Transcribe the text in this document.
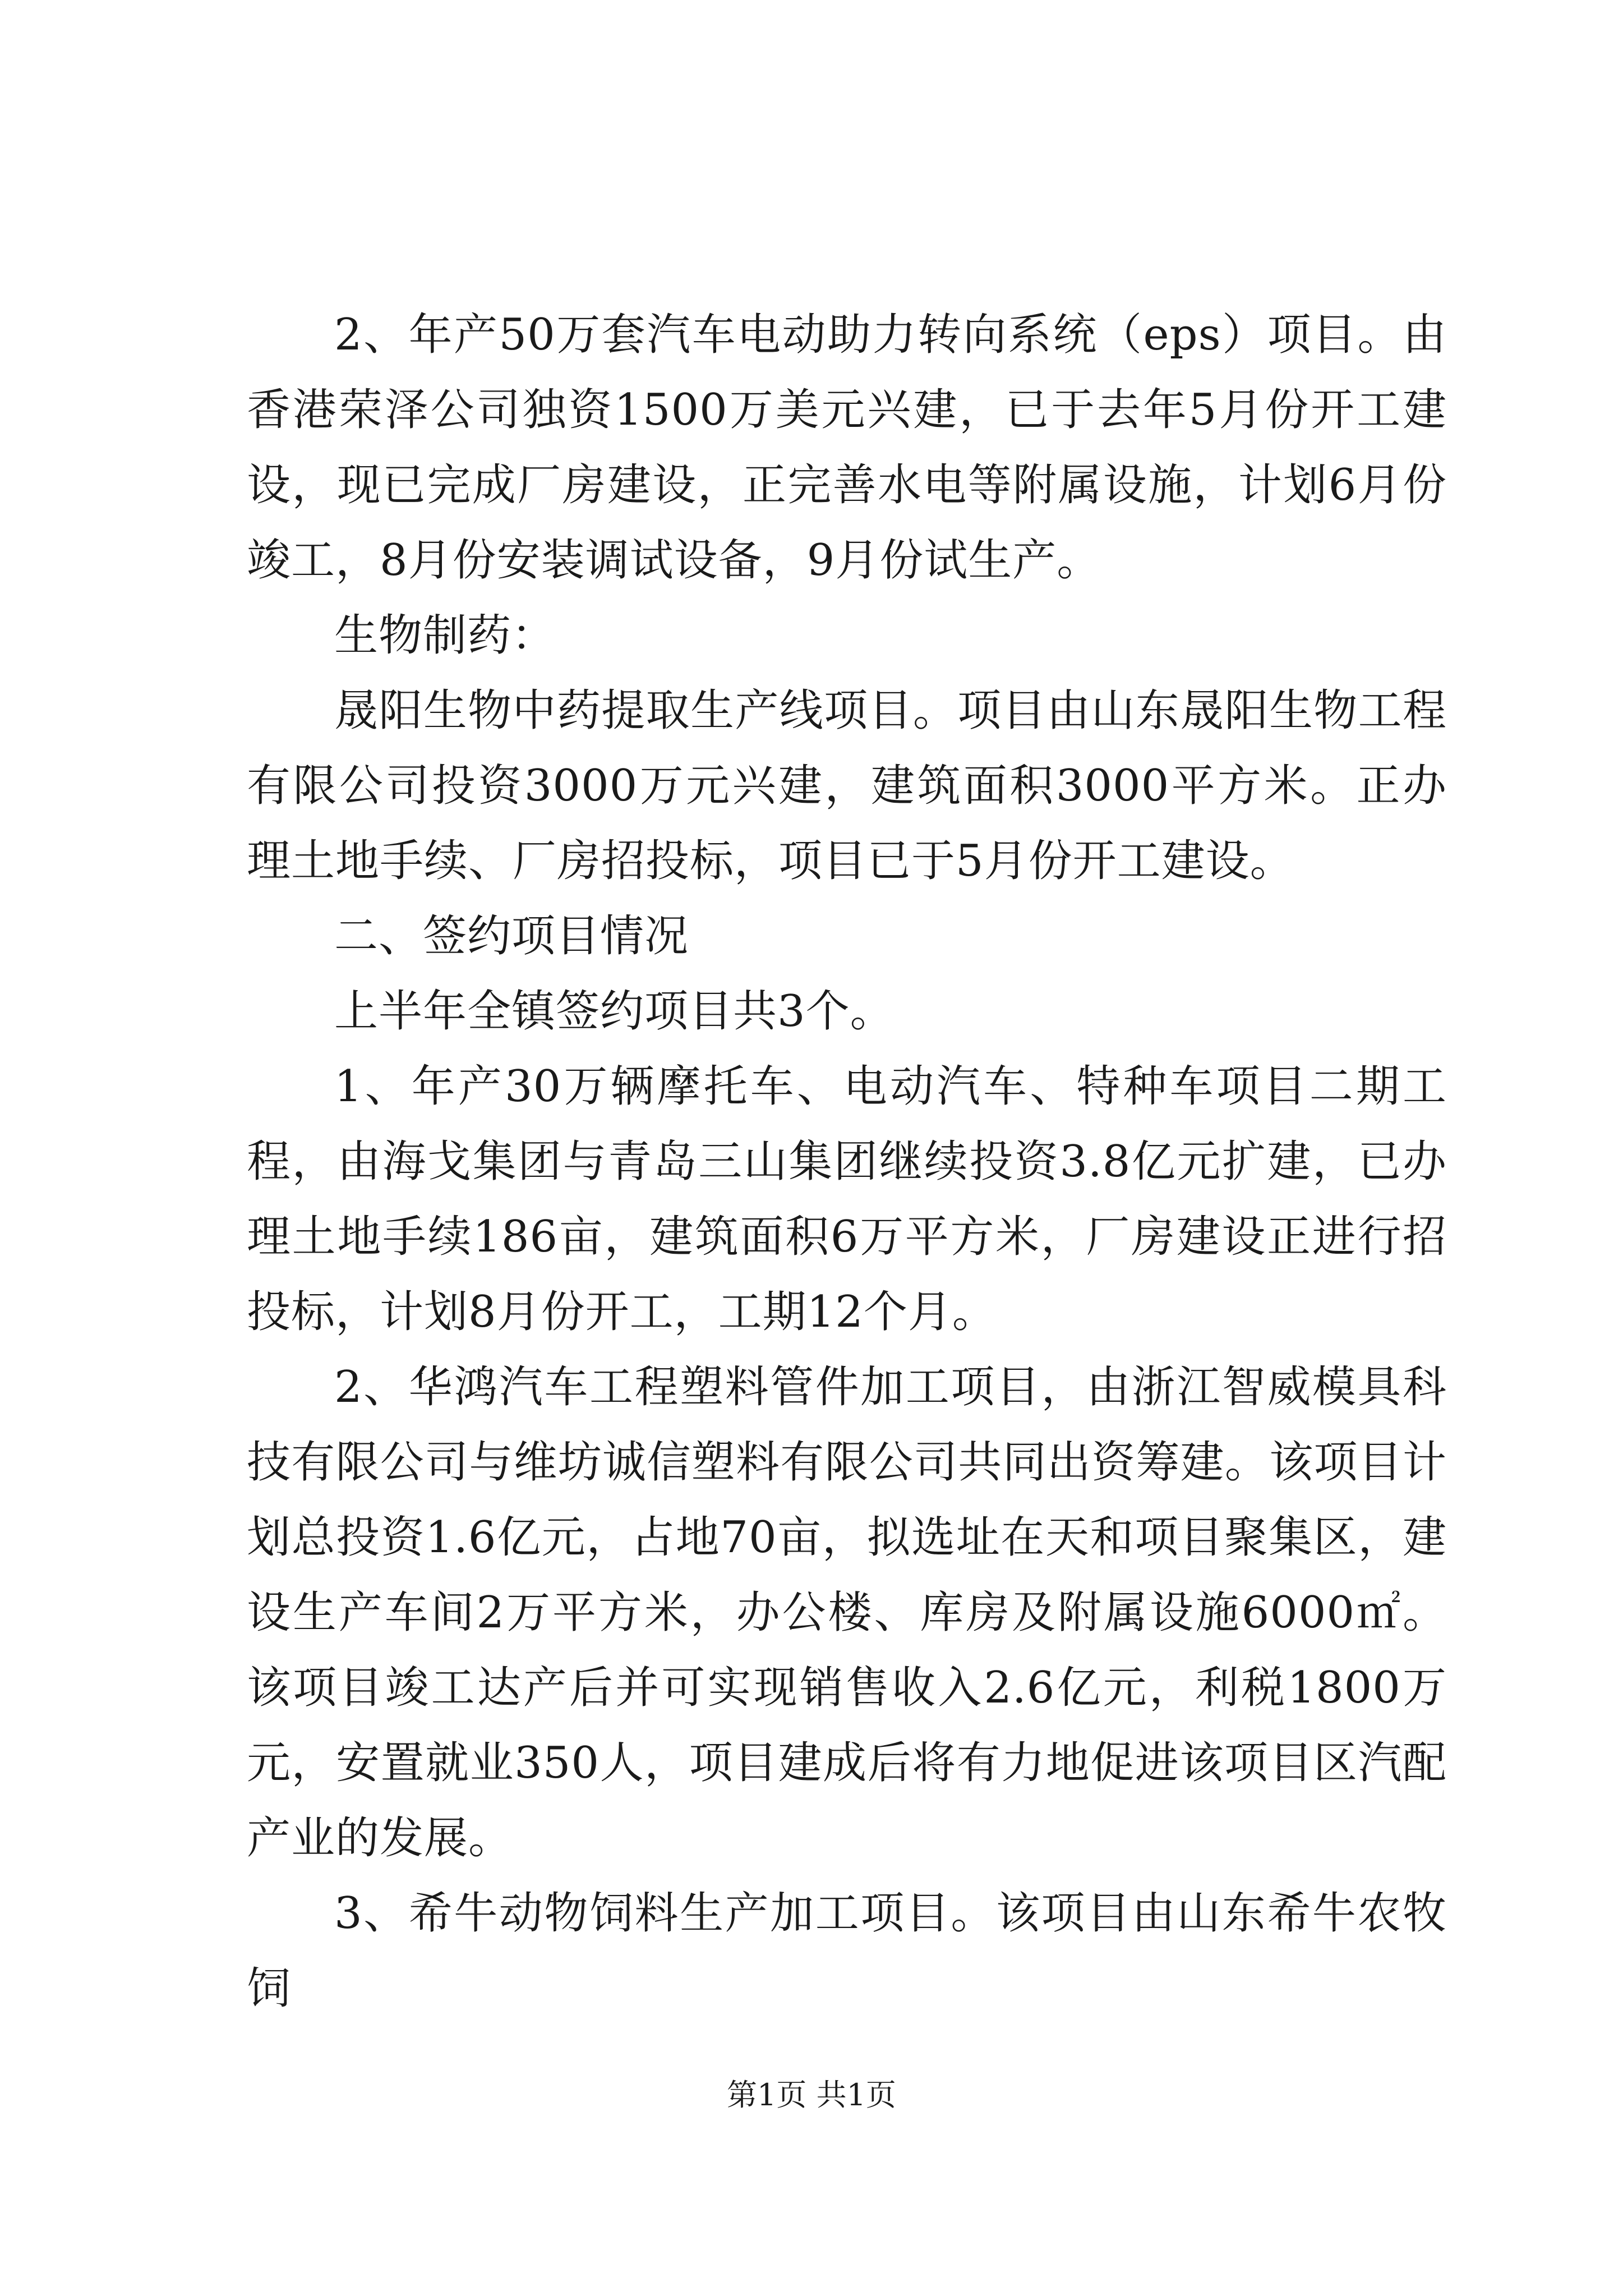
2、年产50万套汽车电动助力转向系统（eps）项目。由香港荣泽公司独资1500万美元兴建，已于去年5月份开工建设，现已完成厂房建设，正完善水电等附属设施，计划6月份竣工，8月份安装调试设备，9月份试生产。

生物制药：

晟阳生物中药提取生产线项目。项目由山东晟阳生物工程有限公司投资3000万元兴建，建筑面积3000平方米。正办理土地手续、厂房招投标，项目已于5月份开工建设。

二、签约项目情况

上半年全镇签约项目共3个。

1、年产30万辆摩托车、电动汽车、特种车项目二期工程，由海戈集团与青岛三山集团继续投资3.8亿元扩建，已办理土地手续186亩，建筑面积6万平方米，厂房建设正进行招投标，计划8月份开工，工期12个月。

2、华鸿汽车工程塑料管件加工项目，由浙江智威模具科技有限公司与维坊诚信塑料有限公司共同出资筹建。该项目计划总投资1.6亿元，占地70亩，拟选址在天和项目聚集区，建设生产车间2万平方米，办公楼、库房及附属设施6000㎡。该项目竣工达产后并可实现销售收入2.6亿元，利税1800万元，安置就业350人，项目建成后将有力地促进该项目区汽配产业的发展。

3、希牛动物饲料生产加工项目。该项目由山东希牛农牧饲

第1页 共1页
